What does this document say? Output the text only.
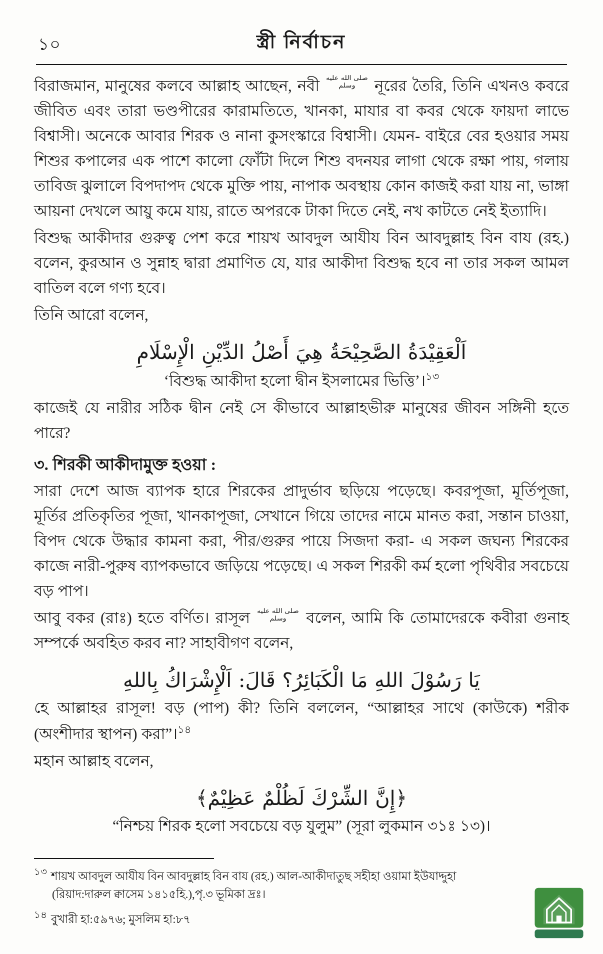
১০	স্ত্রী নির্বাচন

বিরাজমান, মানুষের কলবে আল্লাহ আছেন, নবী صلى الله عليه
وسلم নূরের তৈরি, তিনি এখনও কবরে জীবিত এবং তারা ভণ্ডপীরের কারামতিতে, খানকা, মাযার বা কবর থেকে ফায়দা লাভে বিশ্বাসী। অনেকে আবার শিরক ও নানা কুসংস্কারে বিশ্বাসী। যেমন- বাইরে বের হওয়ার সময় শিশুর কপালের এক পাশে কালো ফোঁটা দিলে শিশু বদনযর লাগা থেকে রক্ষা পায়, গলায় তাবিজ ঝুলালে বিপদাপদ থেকে মুক্তি পায়, নাপাক অবস্থায় কোন কাজই করা যায় না, ভাঙ্গা আয়না দেখলে আয়ু কমে যায়, রাতে অপরকে টাকা দিতে নেই, নখ কাটতে নেই ইত্যাদি।

বিশুদ্ধ আকীদার গুরুত্ব পেশ করে শায়খ আবদুল আযীয বিন আবদুল্লাহ বিন বায (রহ.) বলেন, কুরআন ও সুন্নাহ দ্বারা প্রমাণিত যে, যার আকীদা বিশুদ্ধ হবে না তার সকল আমল বাতিল বলে গণ্য হবে।

তিনি আরো বলেন,

اَلْعَقِيْدَةُ الصَّحِيْحَةُ هِيَ أَصْلُ الدِّيْنِ الْإِسْلَامِ

‘বিশুদ্ধ আকীদা হলো দ্বীন ইসলামের ভিত্তি’।$^{১৩}$

কাজেই যে নারীর সঠিক দ্বীন নেই সে কীভাবে আল্লাহভীরু মানুষের জীবন সঙ্গিনী হতে পারে?

৩. শিরকী আকীদামুক্ত হওয়া :

সারা দেশে আজ ব্যাপক হারে শিরকের প্রাদুর্ভাব ছড়িয়ে পড়েছে। কবরপূজা, মূর্তিপূজা, মূর্তির প্রতিকৃতির পূজা, খানকাপূজা, সেখানে গিয়ে তাদের নামে মানত করা, সন্তান চাওয়া, বিপদ থেকে উদ্ধার কামনা করা, পীর/গুরুর পায়ে সিজদা করা- এ সকল জঘন্য শিরকের কাজে নারী-পুরুষ ব্যাপকভাবে জড়িয়ে পড়েছে। এ সকল শিরকী কর্ম হলো পৃথিবীর সবচেয়ে বড় পাপ।

আবু বকর (রাঃ) হতে বর্ণিত। রাসূল صلى الله عليه
وسلم বলেন, আমি কি তোমাদেরকে কবীরা গুনাহ সম্পর্কে অবহিত করব না? সাহাবীগণ বলেন,

يَا رَسُوْلَ اللهِ مَا الْكَبَائِرُ؟ قَالَ: اَلْإِشْرَاكُ بِاللهِ

হে আল্লাহর রাসূল! বড় (পাপ) কী? তিনি বললেন, “আল্লাহর সাথে (কাউকে) শরীক (অংশীদার স্থাপন) করা”।$^{১৪}$

মহান আল্লাহ বলেন,

﴿إِنَّ الشِّرْكَ لَظُلْمٌ عَظِيْمٌ﴾

“নিশ্চয় শিরক হলো সবচেয়ে বড় যুলুম” (সূরা লুকমান ৩১ঃ ১৩)।

১৩ শায়খ আবদুল আযীয বিন আবদুল্লাহ বিন বায (রহ.) আল-আকীদাতুছ সহীহা ওয়ামা ইউযাদ্দুহা
(রিয়াদ:দারুল ক্বাসেম ১৪১৫হি.),পৃ.৩ ভূমিকা দ্রঃ।
১৪ বুখারী হা:৫৯৭৬; মুসলিম হা:৮৭
